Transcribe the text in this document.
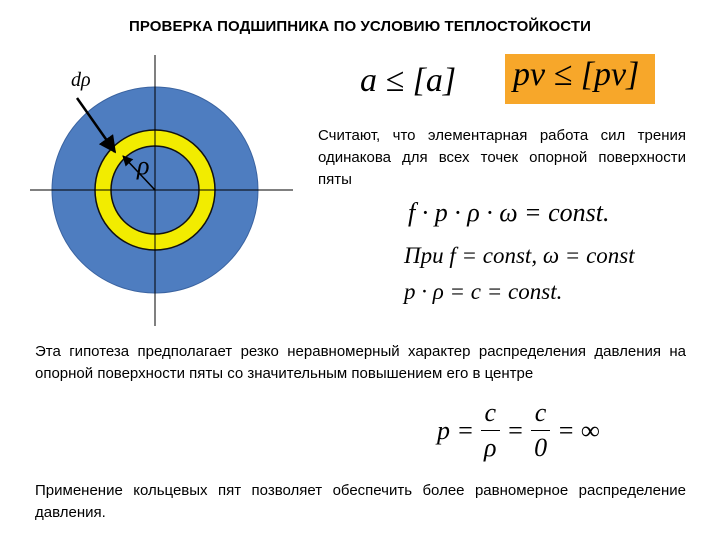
ПРОВЕРКА ПОДШИПНИКА ПО УСЛОВИЮ ТЕПЛОСТОЙКОСТИ
dρ
ρ
a ≤ [a] pv ≤ [pv]
Считают, что элементарная работа сил трения одинакова для всех точек опорной поверхности пяты
f · p · ρ · ω = const.
При f = const, ω = const
p · ρ = c = const.
Эта гипотеза предполагает резко неравномерный характер распределения давления на опорной поверхности пяты со значительным повышением его в центре
$p = \frac{c}{\rho} = \frac{c}{0}$ = ∞
Применение кольцевых пят позволяет обеспечить более равномерное распределение давления.
